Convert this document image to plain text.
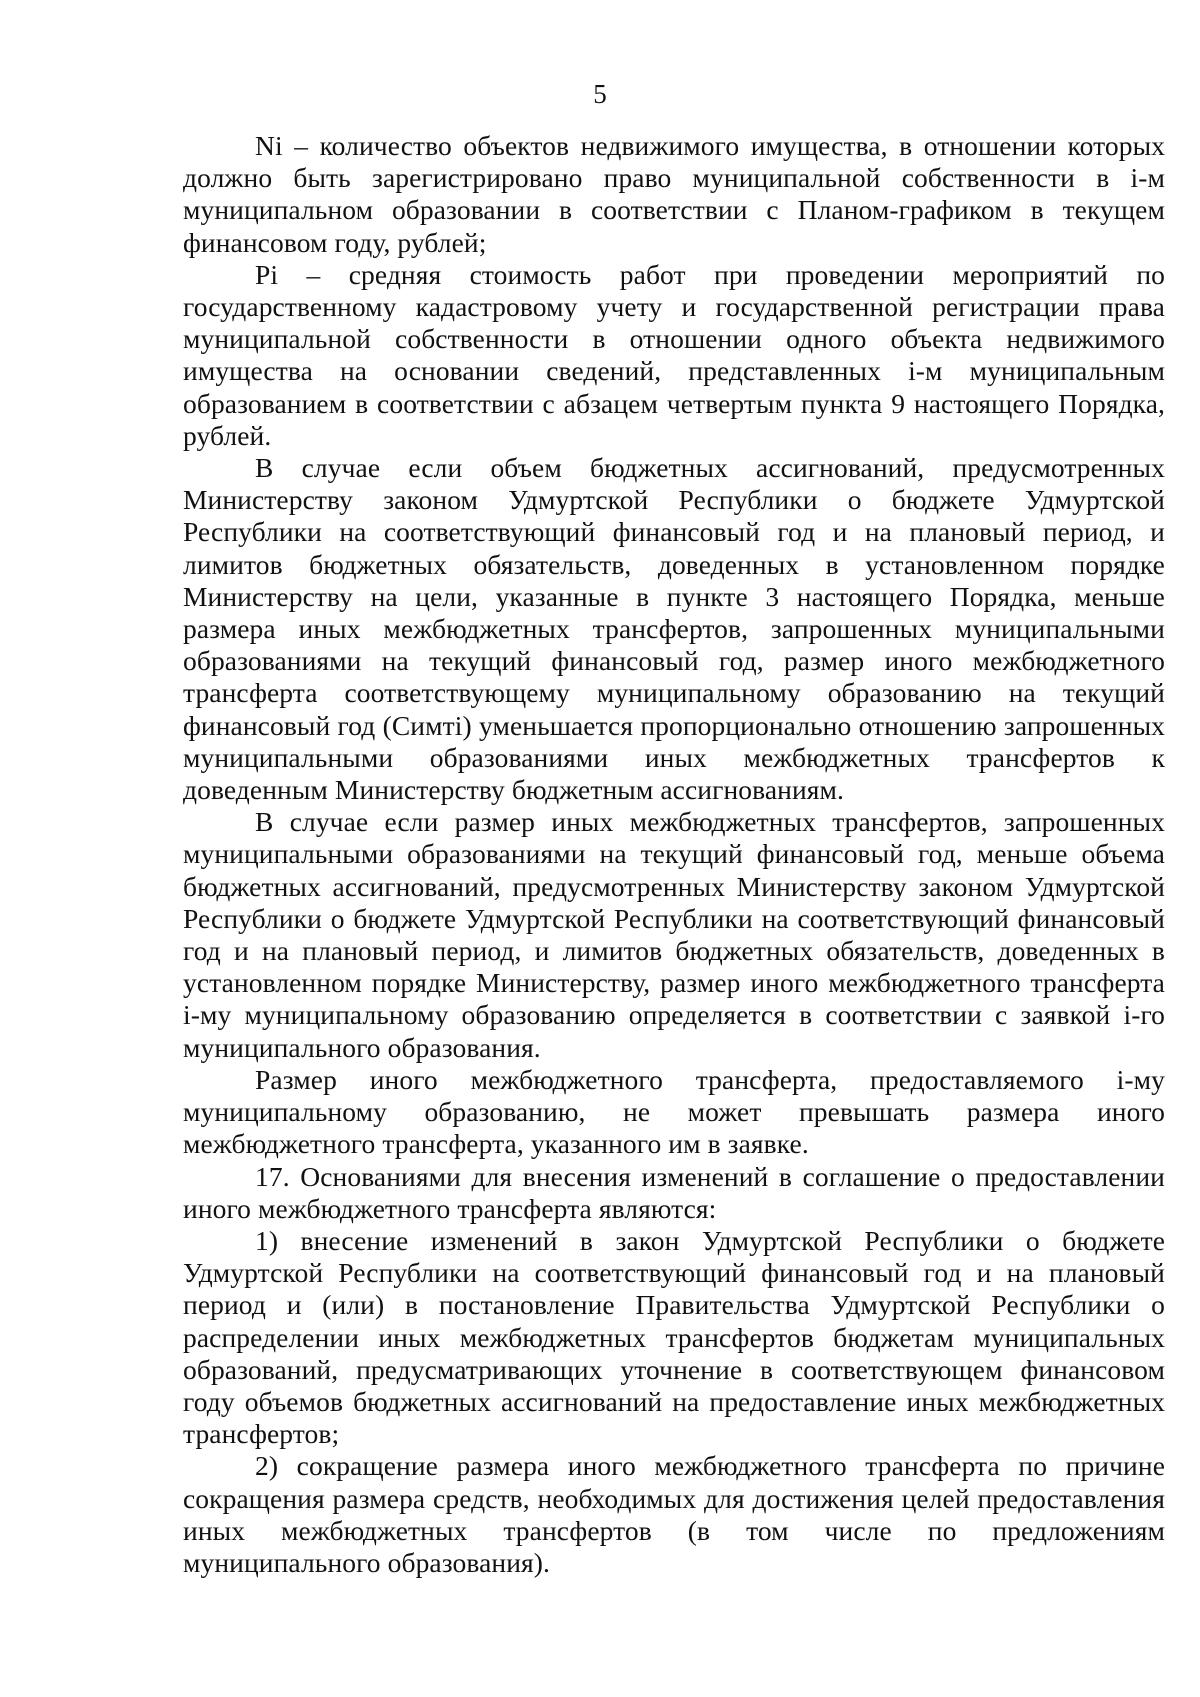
5

Ni – количество объектов недвижимого имущества, в отношении которых должно быть зарегистрировано право муниципальной собственности в i-м муниципальном образовании в соответствии с Планом-графиком в текущем финансовом году, рублей;

Pi – средняя стоимость работ при проведении мероприятий по государственному кадастровому учету и государственной регистрации права муниципальной собственности в отношении одного объекта недвижимого имущества на основании сведений, представленных i-м муниципальным образованием в соответствии с абзацем четвертым пункта 9 настоящего Порядка, рублей.

В случае если объем бюджетных ассигнований, предусмотренных Министерству законом Удмуртской Республики о бюджете Удмуртской Республики на соответствующий финансовый год и на плановый период, и лимитов бюджетных обязательств, доведенных в установленном порядке Министерству на цели, указанные в пункте 3 настоящего Порядка, меньше размера иных межбюджетных трансфертов, запрошенных муниципальными образованиями на текущий финансовый год, размер иного межбюджетного трансферта соответствующему муниципальному образованию на текущий финансовый год (Симтi) уменьшается пропорционально отношению запрошенных муниципальными образованиями иных межбюджетных трансфертов к доведенным Министерству бюджетным ассигнованиям.

В случае если размер иных межбюджетных трансфертов, запрошенных муниципальными образованиями на текущий финансовый год, меньше объема бюджетных ассигнований, предусмотренных Министерству законом Удмуртской Республики о бюджете Удмуртской Республики на соответствующий финансовый год и на плановый период, и лимитов бюджетных обязательств, доведенных в установленном порядке Министерству, размер иного межбюджетного трансферта i-му муниципальному образованию определяется в соответствии с заявкой i-го муниципального образования.

Размер иного межбюджетного трансферта, предоставляемого i-му муниципальному образованию, не может превышать размера иного межбюджетного трансферта, указанного им в заявке.

17. Основаниями для внесения изменений в соглашение о предоставлении иного межбюджетного трансферта являются:

1) внесение изменений в закон Удмуртской Республики о бюджете Удмуртской Республики на соответствующий финансовый год и на плановый период и (или) в постановление Правительства Удмуртской Республики о распределении иных межбюджетных трансфертов бюджетам муниципальных образований, предусматривающих уточнение в соответствующем финансовом году объемов бюджетных ассигнований на предоставление иных межбюджетных трансфертов;

2) сокращение размера иного межбюджетного трансферта по причине сокращения размера средств, необходимых для достижения целей предоставления иных межбюджетных трансфертов (в том числе по предложениям муниципального образования).
